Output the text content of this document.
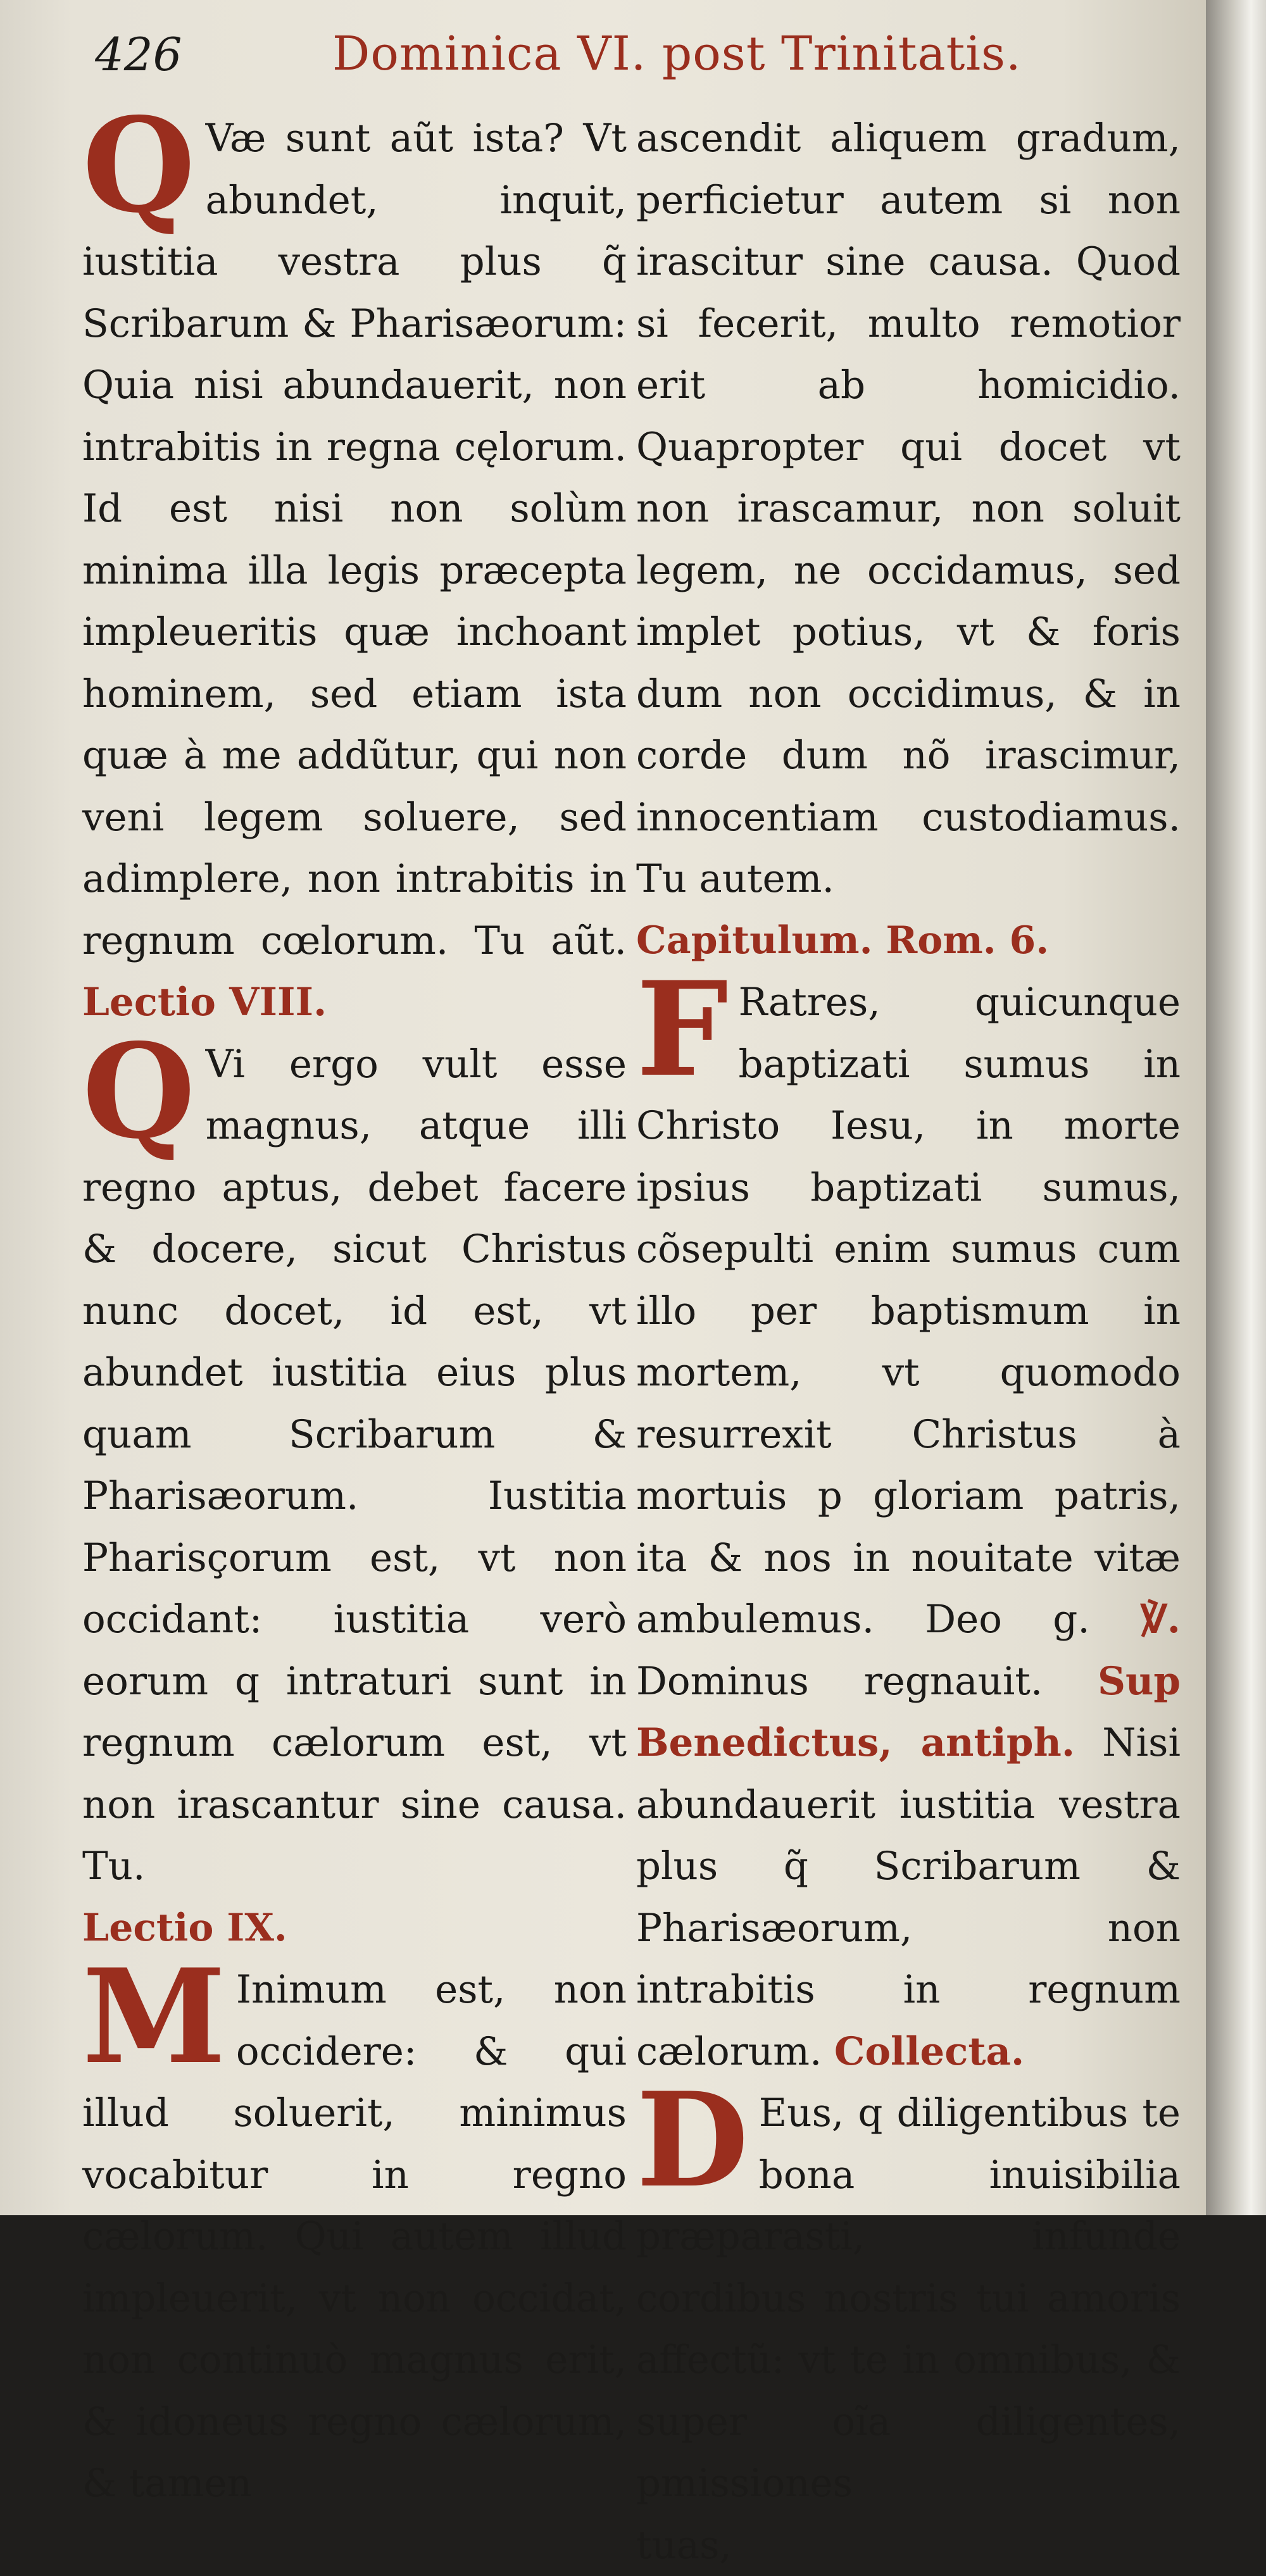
426	Dominica VI. post Trinitatis.

Q Væ sunt aũt ista? Vt abundet, inquit, iustitia vestra plus q̃ Scribarum & Pharisæorum: Quia nisi abundauerit, non intrabitis in regna cęlorum. Id est nisi non solùm minima illa legis præcepta impleueritis quæ inchoant hominem, sed etiam ista quæ à me addũtur, qui non veni legem soluere, sed adimplere, non intrabitis in regnum cœlorum. Tu aũt. Lectio VIII.

Q Vi ergo vult esse magnus, atque illi regno aptus, debet facere & docere, sicut Christus nunc docet, id est, vt abundet iustitia eius plus quam Scribarum & Pharisæorum. Iustitia Pharisçorum est, vt non occidant: iustitia verò eorum q intraturi sunt in regnum cælorum est, vt non irascantur sine causa. Tu.

Lectio IX.

M Inimum est, non occidere: & qui illud soluerit, minimus vocabitur in regno cælorum. Qui autem illud impleuerit, vt non occidat, non continuò magnus erit, & idoneus regno cælorum, & tamen

ascendit aliquem gradum, perficietur autem si non irascitur sine causa. Quod si fecerit, multo remotior erit ab homicidio. Quapropter qui docet vt non irascamur, non soluit legem, ne occidamus, sed implet potius, vt & foris dum non occidimus, & in corde dum nõ irascimur, innocentiam custodiamus. Tu autem.

Capitulum. Rom. 6.

F Ratres, quicunque baptizati sumus in Christo Iesu, in morte ipsius baptizati sumus, cõsepulti enim sumus cum illo per baptismum in mortem, vt quomodo resurrexit Christus à mortuis p gloriam patris, ita & nos in nouitate vitæ ambulemus. Deo g. ℣. Dominus regnauit. Sup Benedictus, antiph. Nisi abundauerit iustitia vestra plus q̃ Scribarum & Pharisæorum, non intrabitis in regnum cælorum. Collecta.

D Eus, q diligentibus te bona inuisibilia præparasti, infunde cordibus nostris tui amoris affectũ: vt te in omnibus, & super oĩa diligentes, pmissiones

tuas,
